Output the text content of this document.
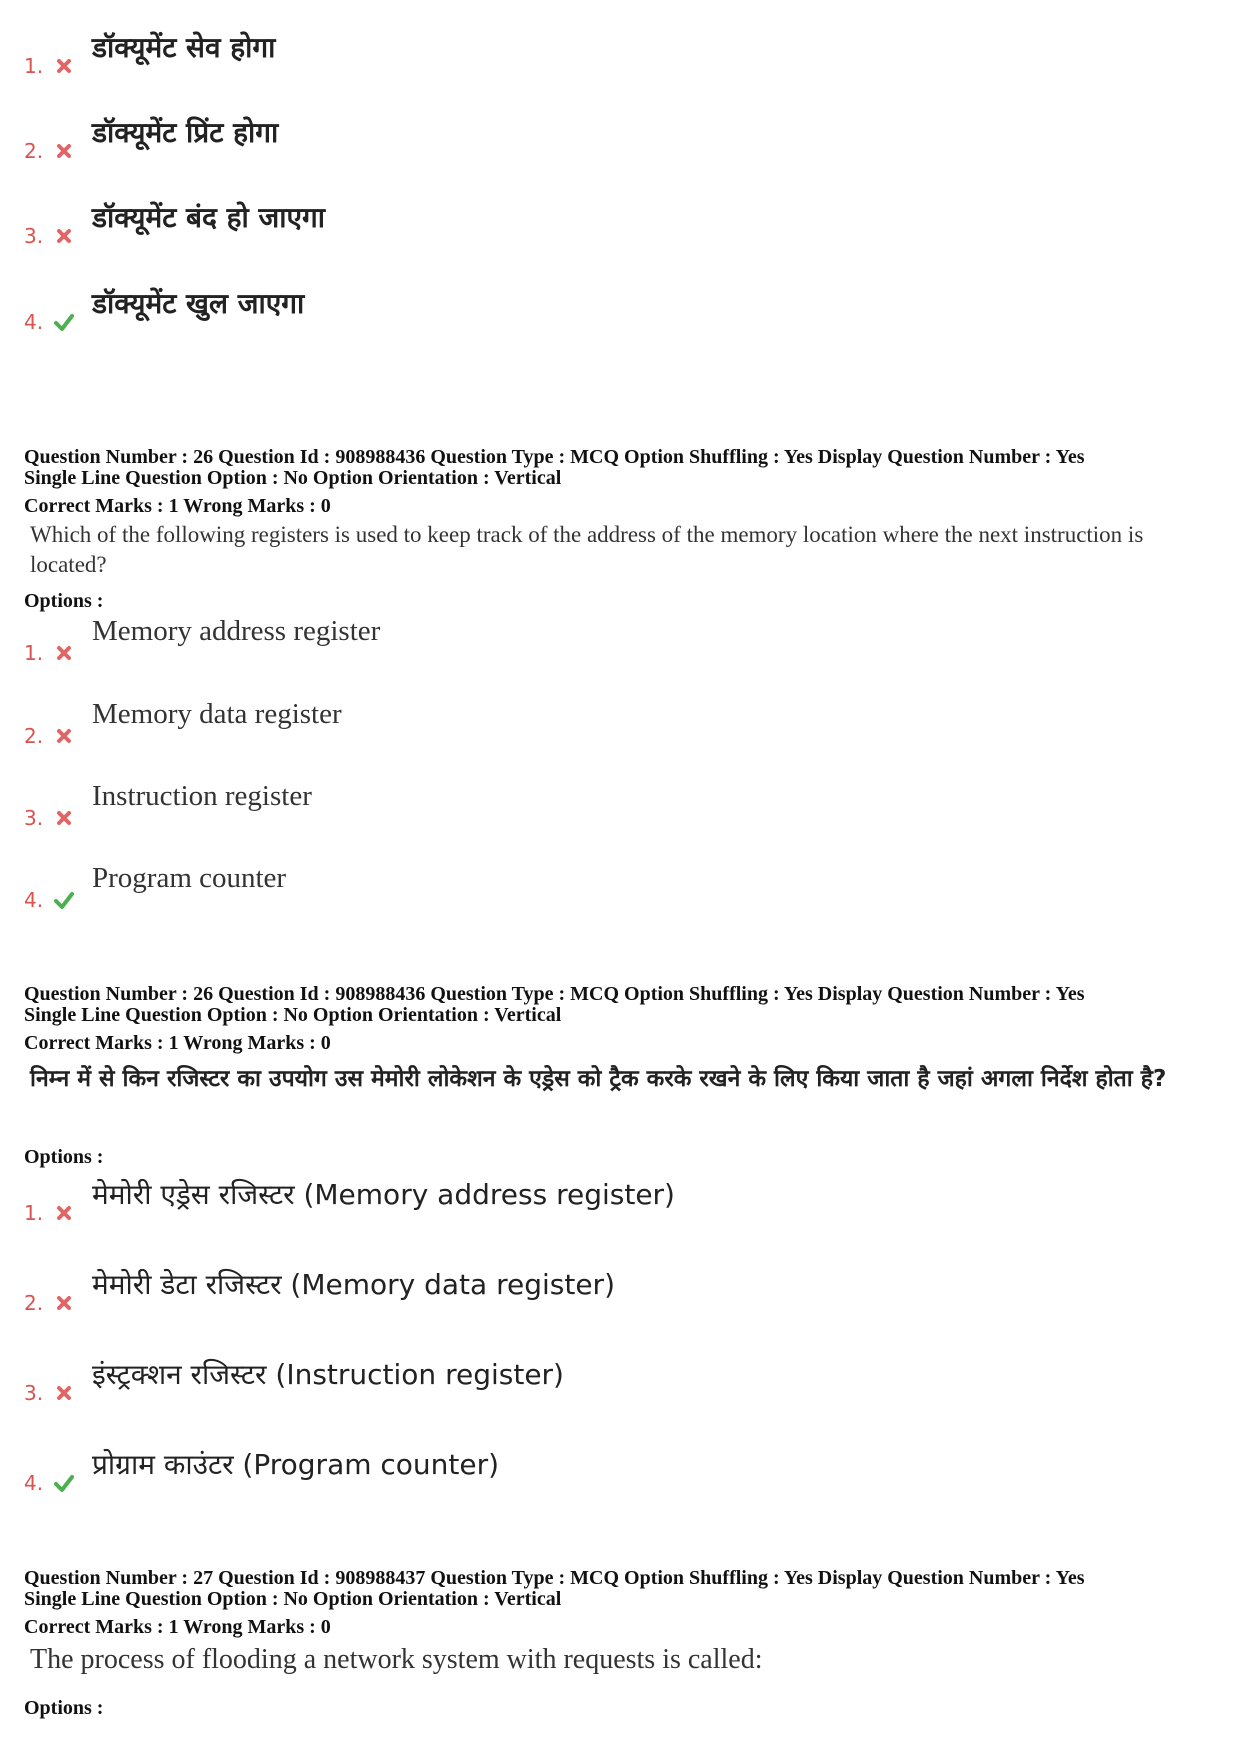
1.
डॉक्यूमेंट सेव होगा
2.
डॉक्यूमेंट प्रिंट होगा
3.
डॉक्यूमेंट बंद हो जाएगा
4.
डॉक्यूमेंट खुल जाएगा
Question Number : 26 Question Id : 908988436 Question Type : MCQ Option Shuffling : Yes Display Question Number : Yes
Single Line Question Option : No Option Orientation : Vertical
Correct Marks : 1 Wrong Marks : 0
Which of the following registers is used to keep track of the address of the memory location where the next instruction is located?
Options :
1.
Memory address register
2.
Memory data register
3.
Instruction register
4.
Program counter
Question Number : 26 Question Id : 908988436 Question Type : MCQ Option Shuffling : Yes Display Question Number : Yes
Single Line Question Option : No Option Orientation : Vertical
Correct Marks : 1 Wrong Marks : 0
निम्न में से किन रजिस्टर का उपयोग उस मेमोरी लोकेशन के एड्रेस को ट्रैक करके रखने के लिए किया जाता है जहां अगला निर्देश होता है?
Options :
1.
मेमोरी एड्रेस रजिस्टर (Memory address register)
2.
मेमोरी डेटा रजिस्टर (Memory data register)
3.
इंस्ट्रक्शन रजिस्टर (Instruction register)
4.
प्रोग्राम काउंटर (Program counter)
Question Number : 27 Question Id : 908988437 Question Type : MCQ Option Shuffling : Yes Display Question Number : Yes
Single Line Question Option : No Option Orientation : Vertical
Correct Marks : 1 Wrong Marks : 0
The process of flooding a network system with requests is called:
Options :
